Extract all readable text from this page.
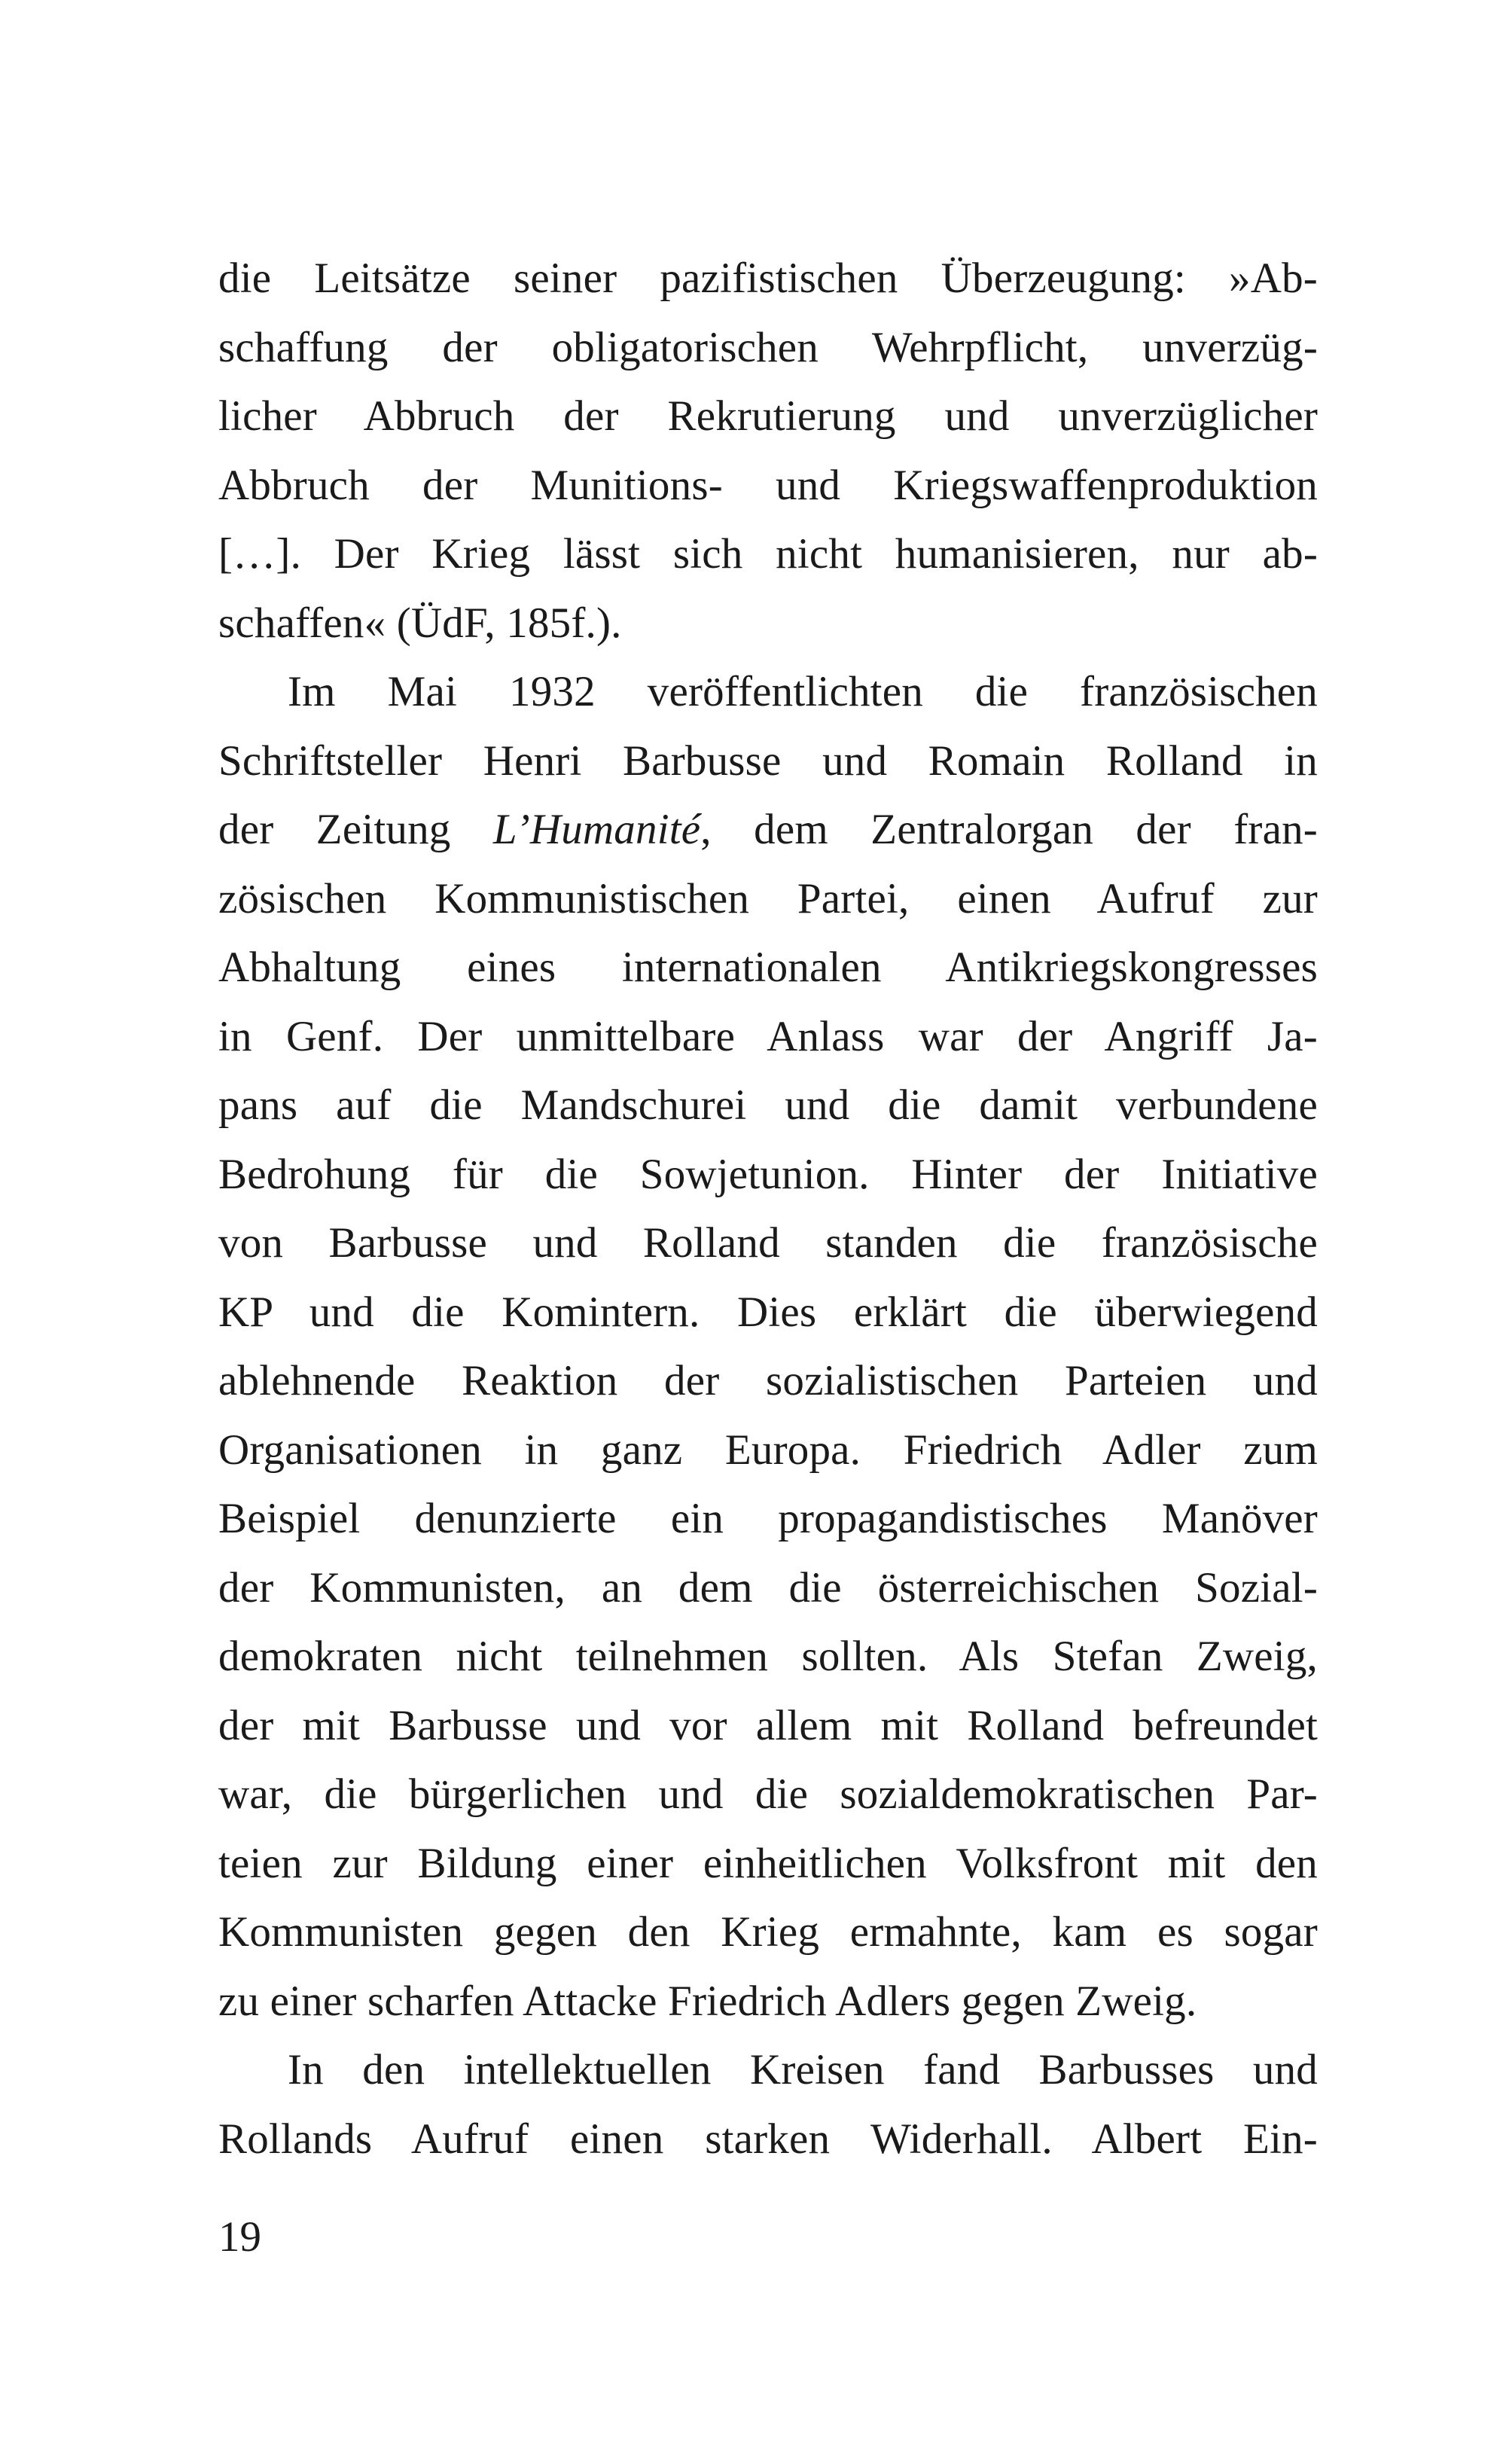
die Leitsätze seiner pazifistischen Überzeugung: »Ab-
schaffung der obligatorischen Wehrpflicht, unverzüg-
licher Abbruch der Rekrutierung und unverzüglicher
Abbruch der Munitions- und Kriegswaffenproduktion
[…]. Der Krieg lässt sich nicht humanisieren, nur ab-
schaffen« (ÜdF, 185f.).
Im Mai 1932 veröffentlichten die französischen
Schriftsteller Henri Barbusse und Romain Rolland in
der Zeitung L’Humanité, dem Zentralorgan der fran-
zösischen Kommunistischen Partei, einen Aufruf zur
Abhaltung eines internationalen Antikriegskongresses
in Genf. Der unmittelbare Anlass war der Angriff Ja-
pans auf die Mandschurei und die damit verbundene
Bedrohung für die Sowjetunion. Hinter der Initiative
von Barbusse und Rolland standen die französische
KP und die Komintern. Dies erklärt die überwiegend
ablehnende Reaktion der sozialistischen Parteien und
Organisationen in ganz Europa. Friedrich Adler zum
Beispiel denunzierte ein propagandistisches Manöver
der Kommunisten, an dem die österreichischen Sozial-
demokraten nicht teilnehmen sollten. Als Stefan Zweig,
der mit Barbusse und vor allem mit Rolland befreundet
war, die bürgerlichen und die sozialdemokratischen Par-
teien zur Bildung einer einheitlichen Volksfront mit den
Kommunisten gegen den Krieg ermahnte, kam es sogar
zu einer scharfen Attacke Friedrich Adlers gegen Zweig.
In den intellektuellen Kreisen fand Barbusses und
Rollands Aufruf einen starken Widerhall. Albert Ein-
19
